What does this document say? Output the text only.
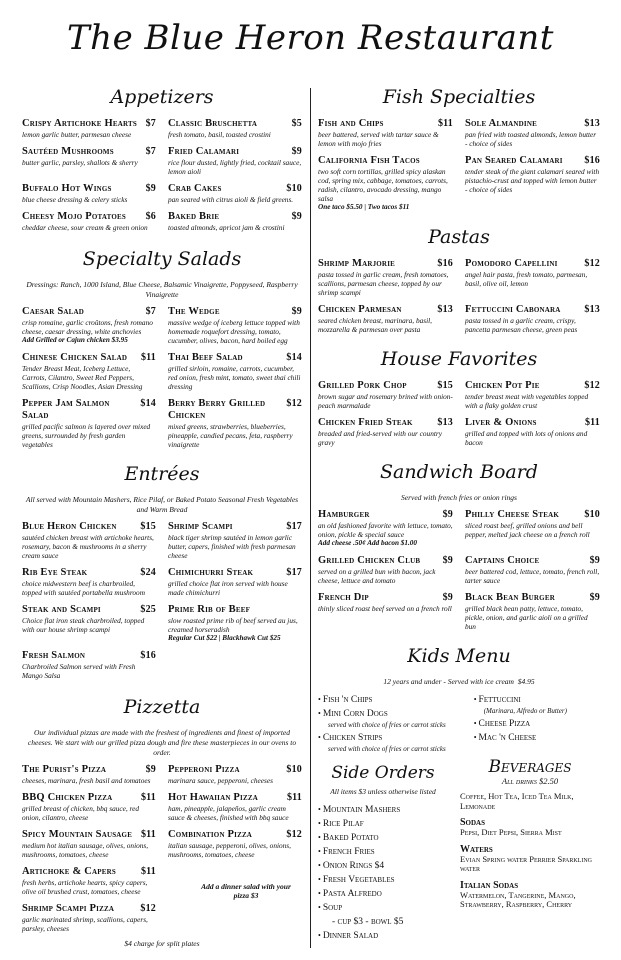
The Blue Heron Restaurant
Appetizers
Crispy Artichoke Hearts $7
lemon garlic butter, parmesan cheese
Classic Bruschetta	$5
fresh tomato, basil, toasted crostini
Sautéed Mushrooms	$7
butter garlic, parsley, shallots & sherry
Fried Calamari	$9
rice flour dusted, lightly fried, cocktail sauce, lemon aioli
Buffalo Hot Wings	$9
blue cheese dressing & celery sticks
Crab Cakes	$10
pan seared with citrus aioli & field greens.
Cheesy Mojo Potatoes $6
cheddar cheese, sour cream & green onion
Baked Brie	$9
toasted almonds, apricot jam & crostini
Specialty Salads
Dressings: Ranch, 1000 Island, Blue Cheese, Balsamic Vinaigrette, Poppyseed, Raspberry Vinaigrette
Caesar Salad	$7
crisp romaine, garlic croûtons, fresh romano cheese, caesar dressing, white anchovies
Add Grilled or Cajun chicken $3.95
The Wedge	$9
massive wedge of iceberg lettuce topped with homemade roquefort dressing, tomato, cucumber, olives, bacon, hard boiled egg
Chinese Chicken Salad $11
Tender Breast Meat, Iceberg Lettuce, Carrots, Cilantro, Sweet Red Peppers, Scallions, Crisp Noodles, Asian Dressing
Thai Beef Salad	$14
grilled sirloin, romaine, carrots, cucumber, red onion, fresh mint, tomato, sweet thai chili dressing
Pepper Jam Salmon Salad
$14
grilled pacific salmon is layered over mixed greens, surrounded by fresh garden vegetables
Berry Berry Grilled Chicken
$12
mixed greens, strawberries, blueberries, pineapple, candied pecans, feta, raspberry vinaigrette
Entrées
All served with Mountain Mashers, Rice Pilaf, or Baked Potato Seasonal Fresh Vegetables and Warm Bread
Blue Heron Chicken $15
sautéed chicken breast with artichoke hearts, rosemary, bacon & mushrooms in a sherry cream sauce
Shrimp Scampi	$17
black tiger shrimp sautéed in lemon garlic butter, capers, finished with fresh parmesan cheese
Rib Eye Steak	$24
choice midwestern beef is charbroiled, topped with sautéed portabella mushroom
Chimichurri Steak	$17
grilled choice flat iron served with house made chimichurri
Steak and Scampi	$25
Choice flat iron steak charbroiled, topped with our house shrimp scampi
Prime Rib of Beef
slow roasted prime rib of beef served au jus, creamed horseradish
Regular Cut $22 | Blackhawk Cut $25
Fresh Salmon	$16
Charbroiled Salmon served with Fresh Mango Salsa
Pizzetta
Our individual pizzas are made with the freshest of ingredients and finest of imported cheeses. We start with our grilled pizza dough and fire these masterpieces in our ovens to order.
The Purist's Pizza	$9
cheeses, marinara, fresh basil and tomatoes
Pepperoni Pizza	$10
marinara sauce, pepperoni, cheeses
BBQ Chicken Pizza	$11
grilled breast of chicken, bbq sauce, red onion, cilantro, cheese
Hot Hawaiian Pizza	$11
ham, pineapple, jalapeños, garlic cream sauce & cheeses, finished with bbq sauce
Spicy Mountain Sausage $11
medium hot italian sausage, olives, onions, mushrooms, tomatoes, cheese
Combination Pizza	$12
italian sausage, pepperoni, olives, onions, mushrooms, tomatoes, cheese
Artichoke & Capers $11
fresh herbs, artichoke hearts, spicy capers, olive oil brushed crust, tomatoes, cheese
Shrimp Scampi Pizza	$12
garlic marinated shrimp, scallions, capers, parsley, cheeses
$4 charge for split plates
Add a dinner salad with your pizza $3
Fish Specialties
Fish and Chips	$11
beer battered, served with tartar sauce & lemon with mojo fries
Sole Almandine	$13
pan fried with toasted almonds, lemon butter - choice of sides
California Fish Tacos
two soft corn tortillas, grilled spicy alaskan cod, spring mix, cabbage, tomatoes, carrots, radish, cilantro, avocado dressing, mango salsa
One taco $5.50 | Two tacos $11
Pan Seared Calamari $16
tender steak of the giant calamari seared with pistachio-crust and topped with lemon butter - choice of sides
Pastas
Shrimp Marjorie	$16
pasta tossed in garlic cream, fresh tomatoes, scallions, parmesan cheese, topped by our shrimp scampi
Pomodoro Capellini	$12
angel hair pasta, fresh tomato, parmesan, basil, olive oil, lemon
Chicken Parmesan	$13
seared chicken breast, marinara, basil, mozzarella & parmesan over pasta
Fettuccini Cabonara $13
pasta tossed in a garlic cream, crispy, pancetta parmesan cheese, green peas
House Favorites
Grilled Pork Chop	$15
brown sugar and rosemary brined with onion-peach marmalade
Chicken Pot Pie	$12
tender breast meat with vegetables topped with a flaky golden crust
Chicken Fried Steak $13
breaded and fried-served with our country gravy
Liver & Onions	$11
grilled and topped with lots of onions and bacon
Sandwich Board
Served with french fries or onion rings
Hamburger	$9
an old fashioned favorite with lettuce, tomato, onion, pickle & special sauce
Add cheese .50¢ Add bacon $1.00
Philly Cheese Steak	$10
sliced roast beef, grilled onions and bell pepper, melted jack cheese on a french roll
Grilled Chicken Club $9
served on a grilled bun with bacon, jack cheese, lettuce and tomato
Captains Choice	$9
beer battered cod, lettuce, tomato, french roll, tarter sauce
French Dip	$9
thinly sliced roast beef served on a french roll
Black Bean Burger	$9
grilled black bean patty, lettuce, tomato, pickle, onion, and garlic aioli on a grilled bun
Kids Menu
12 years and under - Served with ice cream $4.95
• Fish 'n Chips
• Mini Corn Dogs
served with choice of fries or carrot sticks
• Chicken Strips
served with choice of fries or carrot sticks
• Fettuccini
(Marinara, Alfredo or Butter)
• Cheese Pizza
• Mac 'n Cheese
Side Orders
All items $3 unless otherwise listed
• Mountain Mashers
• Rice Pilaf
• Baked Potato
• French Fries
• Onion Rings $4
• Fresh Vegetables
• Pasta Alfredo
• Soup
- cup $3 - bowl $5
• Dinner Salad
Beverages
All drinks $2.50
Coffee, Hot Tea, Iced Tea Milk, Lemonade
Sodas
Pepsi, Diet Pepsi, Sierra Mist
Waters
Evian Spring water Perrier Sparkling water
Italian Sodas
Watermelon, Tangerine, Mango, Strawberry, Raspberry, Cherry
